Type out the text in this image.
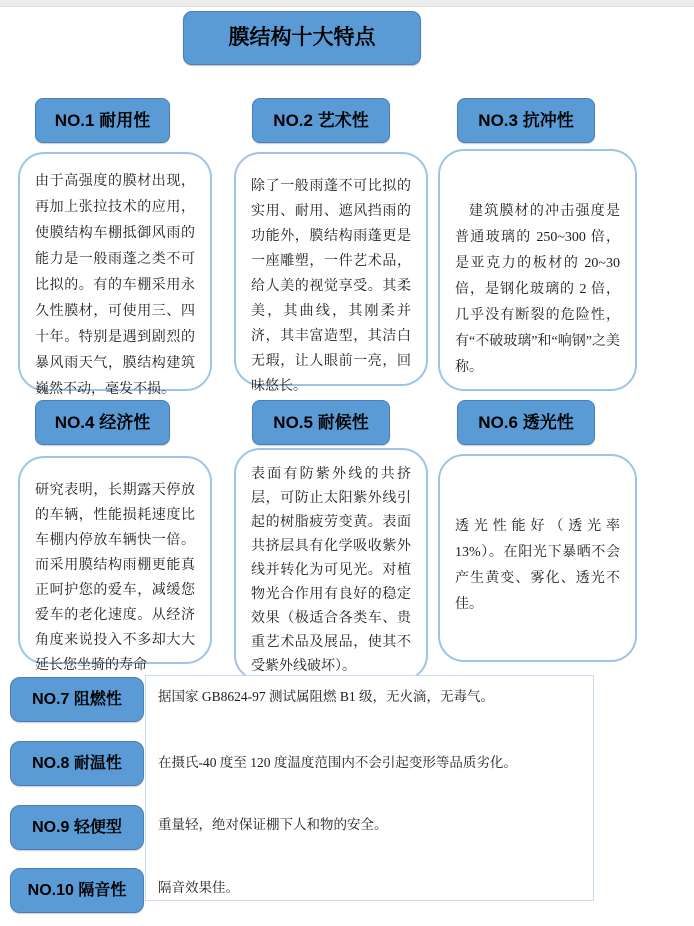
膜结构十大特点
NO.1 耐用性	NO.2 艺术性	NO.3 抗冲性
由于高强度的膜材出现，再加上张拉技术的应用，使膜结构车棚抵御风雨的能力是一般雨蓬之类不可比拟的。有的车棚采用永久性膜材，可使用三、四十年。特别是遇到剧烈的暴风雨天气，膜结构建筑巍然不动，毫发不损。
除了一般雨蓬不可比拟的实用、耐用、遮风挡雨的功能外，膜结构雨蓬更是一座雕塑，一件艺术品，给人美的视觉享受。其柔美，其曲线，其刚柔并济，其丰富造型，其洁白无瑕，让人眼前一亮，回味悠长。
建筑膜材的冲击强度是普通玻璃的 250~300 倍，是亚克力的板材的 20~30 倍，是钢化玻璃的 2 倍，几乎没有断裂的危险性，有“不破玻璃”和“响钢”之美称。
NO.4 经济性	NO.5 耐候性	NO.6 透光性
研究表明，长期露天停放的车辆，性能损耗速度比车棚内停放车辆快一倍。而采用膜结构雨棚更能真正呵护您的爱车，减缓您爱车的老化速度。从经济角度来说投入不多却大大延长您坐骑的寿命
表面有防紫外线的共挤层，可防止太阳紫外线引起的树脂疲劳变黄。表面共挤层具有化学吸收紫外线并转化为可见光。对植物光合作用有良好的稳定效果（极适合各类车、贵重艺术品及展品，使其不受紫外线破坏）。
透光性能好（透光率 13%）。在阳光下暴晒不会产生黄变、雾化、透光不佳。
据国家 GB8624-97 测试属阻燃 B1 级，无火滴，无毒气。
在摄氏-40 度至 120 度温度范围内不会引起变形等品质劣化。
重量轻，绝对保证棚下人和物的安全。
隔音效果佳。
NO.7 阻燃性
NO.8 耐温性
NO.9 轻便型
NO.10 隔音性
